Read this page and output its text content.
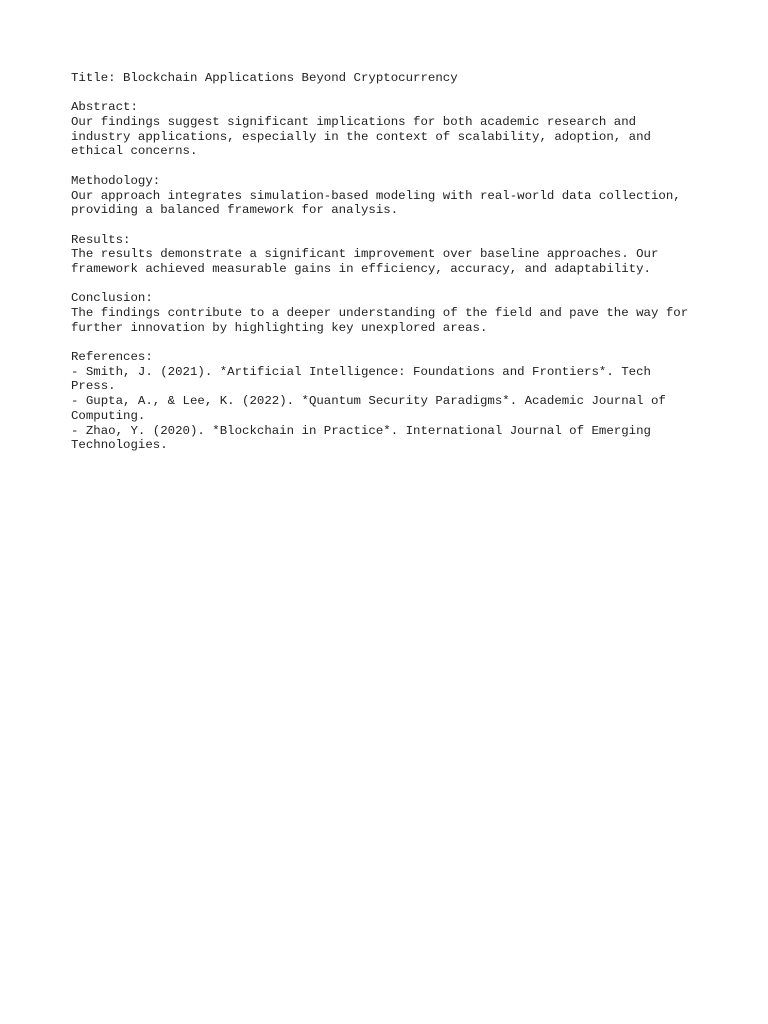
Title: Blockchain Applications Beyond Cryptocurrency

Abstract:

Our findings suggest significant implications for both academic research and

industry applications, especially in the context of scalability, adoption, and

ethical concerns.

Methodology:

Our approach integrates simulation-based modeling with real-world data collection,

providing a balanced framework for analysis.

Results:

The results demonstrate a significant improvement over baseline approaches. Our

framework achieved measurable gains in efficiency, accuracy, and adaptability.

Conclusion:

The findings contribute to a deeper understanding of the field and pave the way for

further innovation by highlighting key unexplored areas.

References:

- Smith, J. (2021). *Artificial Intelligence: Foundations and Frontiers*. Tech

Press.

- Gupta, A., & Lee, K. (2022). *Quantum Security Paradigms*. Academic Journal of

Computing.

- Zhao, Y. (2020). *Blockchain in Practice*. International Journal of Emerging

Technologies.
